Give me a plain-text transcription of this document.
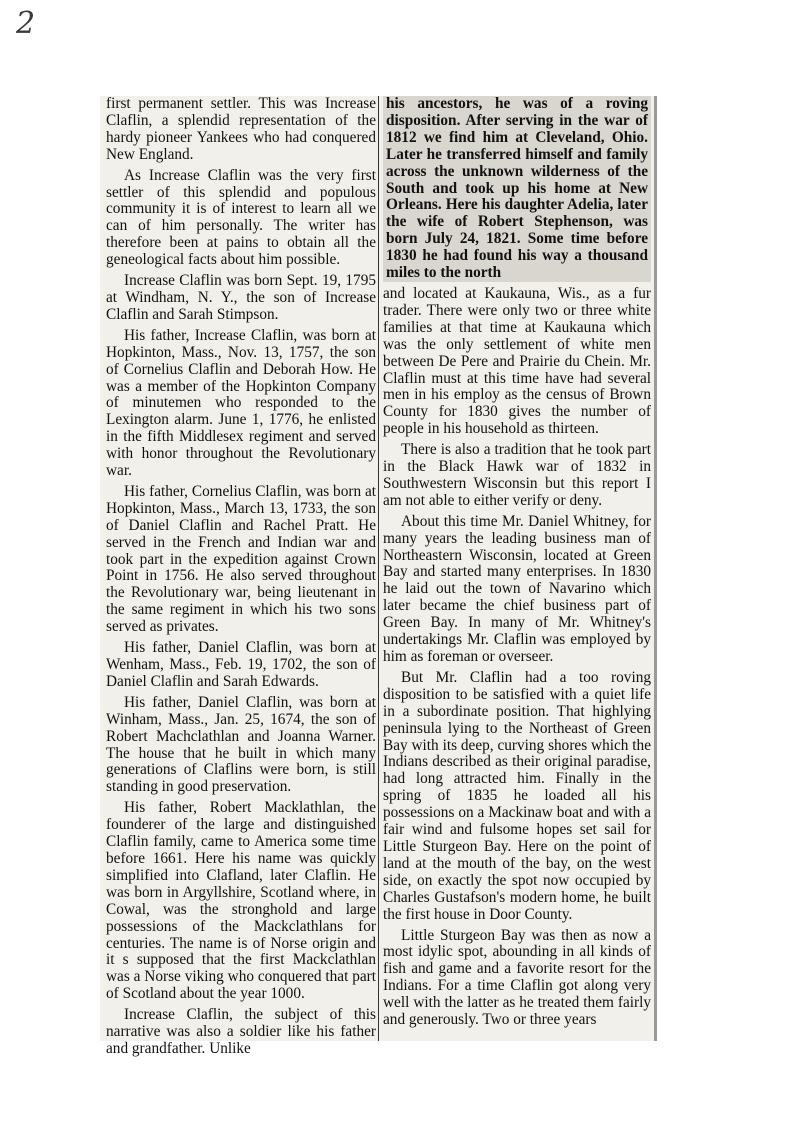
2

first permanent settler. This was Increase Claflin, a splendid representation of the hardy pioneer Yankees who had conquered New England.

As Increase Claflin was the very first settler of this splendid and populous community it is of interest to learn all we can of him personally. The writer has therefore been at pains to obtain all the geneological facts about him possible.

Increase Claflin was born Sept. 19, 1795 at Windham, N. Y., the son of Increase Claflin and Sarah Stimpson.

His father, Increase Claflin, was born at Hopkinton, Mass., Nov. 13, 1757, the son of Cornelius Claflin and Deborah How. He was a member of the Hopkinton Company of minutemen who responded to the Lexington alarm. June 1, 1776, he enlisted in the fifth Middlesex regiment and served with honor throughout the Revolutionary war.

His father, Cornelius Claflin, was born at Hopkinton, Mass., March 13, 1733, the son of Daniel Claflin and Rachel Pratt. He served in the French and Indian war and took part in the expedition against Crown Point in 1756. He also served throughout the Revolutionary war, being lieutenant in the same regiment in which his two sons served as privates.

His father, Daniel Claflin, was born at Wenham, Mass., Feb. 19, 1702, the son of Daniel Claflin and Sarah Edwards.

His father, Daniel Claflin, was born at Winham, Mass., Jan. 25, 1674, the son of Robert Machclathlan and Joanna Warner. The house that he built in which many generations of Claflins were born, is still standing in good preservation.

His father, Robert Macklathlan, the founderer of the large and distinguished Claflin family, came to America some time before 1661. Here his name was quickly simplified into Clafland, later Claflin. He was born in Argyllshire, Scotland where, in Cowal, was the stronghold and large possessions of the Mackclathlans for centuries. The name is of Norse origin and it s supposed that the first Mackclathlan was a Norse viking who conquered that part of Scotland about the year 1000.

Increase Claflin, the subject of this narrative was also a soldier like his father and grandfather. Unlike

his ancestors, he was of a roving disposition. After serving in the war of 1812 we find him at Cleveland, Ohio. Later he transferred himself and family across the unknown wilderness of the South and took up his home at New Orleans. Here his daughter Adelia, later the wife of Robert Stephenson, was born July 24, 1821. Some time before 1830 he had found his way a thousand miles to the north

and located at Kaukauna, Wis., as a fur trader. There were only two or three white families at that time at Kaukauna which was the only settlement of white men between De Pere and Prairie du Chein. Mr. Claflin must at this time have had several men in his employ as the census of Brown County for 1830 gives the number of people in his household as thirteen.

There is also a tradition that he took part in the Black Hawk war of 1832 in Southwestern Wisconsin but this report I am not able to either verify or deny.

About this time Mr. Daniel Whitney, for many years the leading business man of Northeastern Wisconsin, located at Green Bay and started many enterprises. In 1830 he laid out the town of Navarino which later became the chief business part of Green Bay. In many of Mr. Whitney's undertakings Mr. Claflin was employed by him as foreman or overseer.

But Mr. Claflin had a too roving disposition to be satisfied with a quiet life in a subordinate position. That highlying peninsula lying to the Northeast of Green Bay with its deep, curving shores which the Indians described as their original paradise, had long attracted him. Finally in the spring of 1835 he loaded all his possessions on a Mackinaw boat and with a fair wind and fulsome hopes set sail for Little Sturgeon Bay. Here on the point of land at the mouth of the bay, on the west side, on exactly the spot now occupied by Charles Gustafson's modern home, he built the first house in Door County.

Little Sturgeon Bay was then as now a most idylic spot, abounding in all kinds of fish and game and a favorite resort for the Indians. For a time Claflin got along very well with the latter as he treated them fairly and generously. Two or three years
